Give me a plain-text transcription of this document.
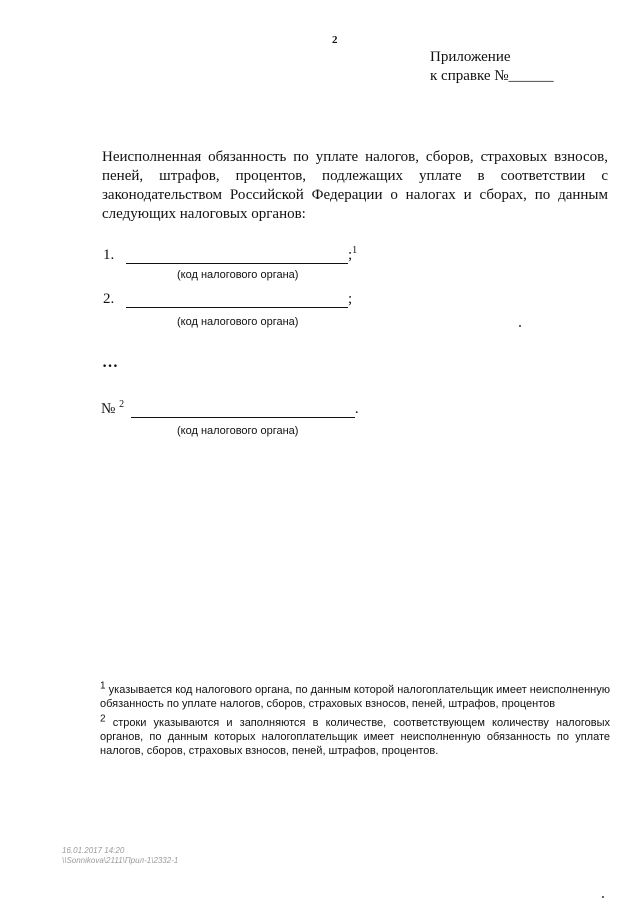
2
Приложение
к справке №______
Неисполненная обязанность по уплате налогов, сборов, страховых взносов, пеней, штрафов, процентов, подлежащих уплате в соответствии с законодательством Российской Федерации о налогах и сборах, по данным следующих налоговых органов:
1.	;$^1$
(код налогового органа)
2.	;
(код налогового органа)
…
№ $^2$	.
(код налогового органа)
1 указывается код налогового органа, по данным которой налогоплательщик имеет неисполненную обязанность по уплате налогов, сборов, страховых взносов, пеней, штрафов, процентов
2 строки указываются и заполняются в количестве, соответствующем количеству налоговых органов, по данным которых налогоплательщик имеет неисполненную обязанность по уплате налогов, сборов, страховых взносов, пеней, штрафов, процентов.
16.01.2017 14:20
\\Sonnikova\2111\Прил-1\2332-1
